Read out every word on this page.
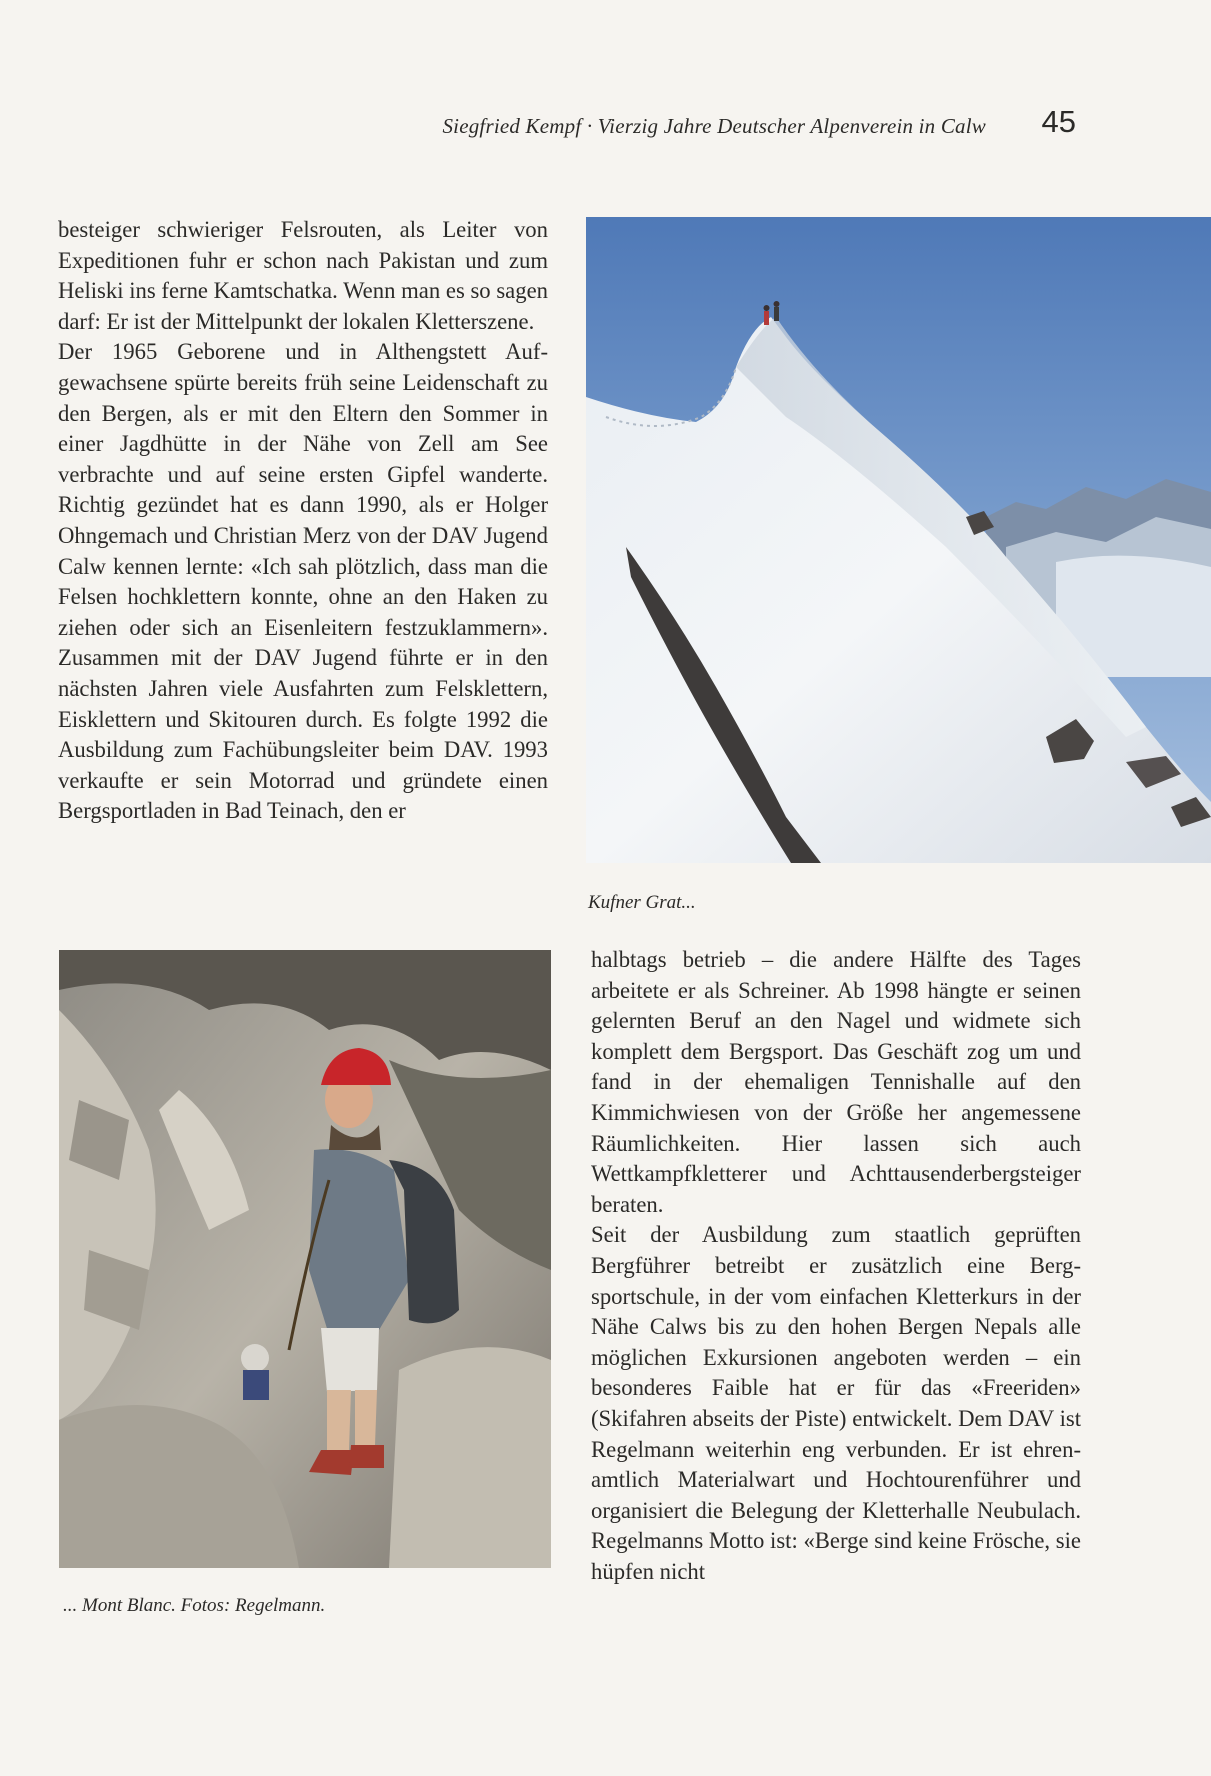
Siegfried Kempf · Vierzig Jahre Deutscher Alpenverein in Calw 45

besteiger schwieriger Felsrouten, als Leiter von Expeditionen fuhr er schon nach Pakistan und zum Heliski ins ferne Kamtschatka. Wenn man es so sagen darf: Er ist der Mittelpunkt der lokalen Kletterszene.

Der 1965 Geborene und in Althengstett Aufgewachsene spürte bereits früh seine Leidenschaft zu den Bergen, als er mit den Eltern den Sommer in einer Jagdhütte in der Nähe von Zell am See verbrachte und auf seine ersten Gipfel wanderte. Richtig gezündet hat es dann 1990, als er Holger Ohngemach und Christian Merz von der DAV Jugend Calw kennen lernte: «Ich sah plötzlich, dass man die Felsen hochklettern konnte, ohne an den Haken zu ziehen oder sich an Eisenleitern festzuklammern». Zusammen mit der DAV Jugend führte er in den nächsten Jahren viele Ausfahrten zum Felsklettern, Eisklettern und Skitouren durch. Es folgte 1992 die Ausbildung zum Fachübungsleiter beim DAV. 1993 verkaufte er sein Motorrad und gründete einen Bergsportladen in Bad Teinach, den er

Kufner Grat...
... Mont Blanc. Fotos: Regelmann.

halbtags betrieb – die andere Hälfte des Tages arbeitete er als Schreiner. Ab 1998 hängte er seinen gelernten Beruf an den Nagel und widmete sich komplett dem Bergsport. Das Geschäft zog um und fand in der ehemaligen Tennishalle auf den Kimmichwiesen von der Größe her angemessene Räumlichkeiten. Hier lassen sich auch Wettkampfkletterer und Achttausenderbergsteiger beraten.

Seit der Ausbildung zum staatlich geprüften Bergführer betreibt er zusätzlich eine Bergsportschule, in der vom einfachen Kletterkurs in der Nähe Calws bis zu den hohen Bergen Nepals alle möglichen Exkursionen angeboten werden – ein besonderes Faible hat er für das «Freeriden» (Skifahren abseits der Piste) entwickelt. Dem DAV ist Regelmann weiterhin eng verbunden. Er ist ehrenamtlich Materialwart und Hochtourenführer und organisiert die Belegung der Kletterhalle Neubulach. Regelmanns Motto ist: «Berge sind keine Frösche, sie hüpfen nicht
